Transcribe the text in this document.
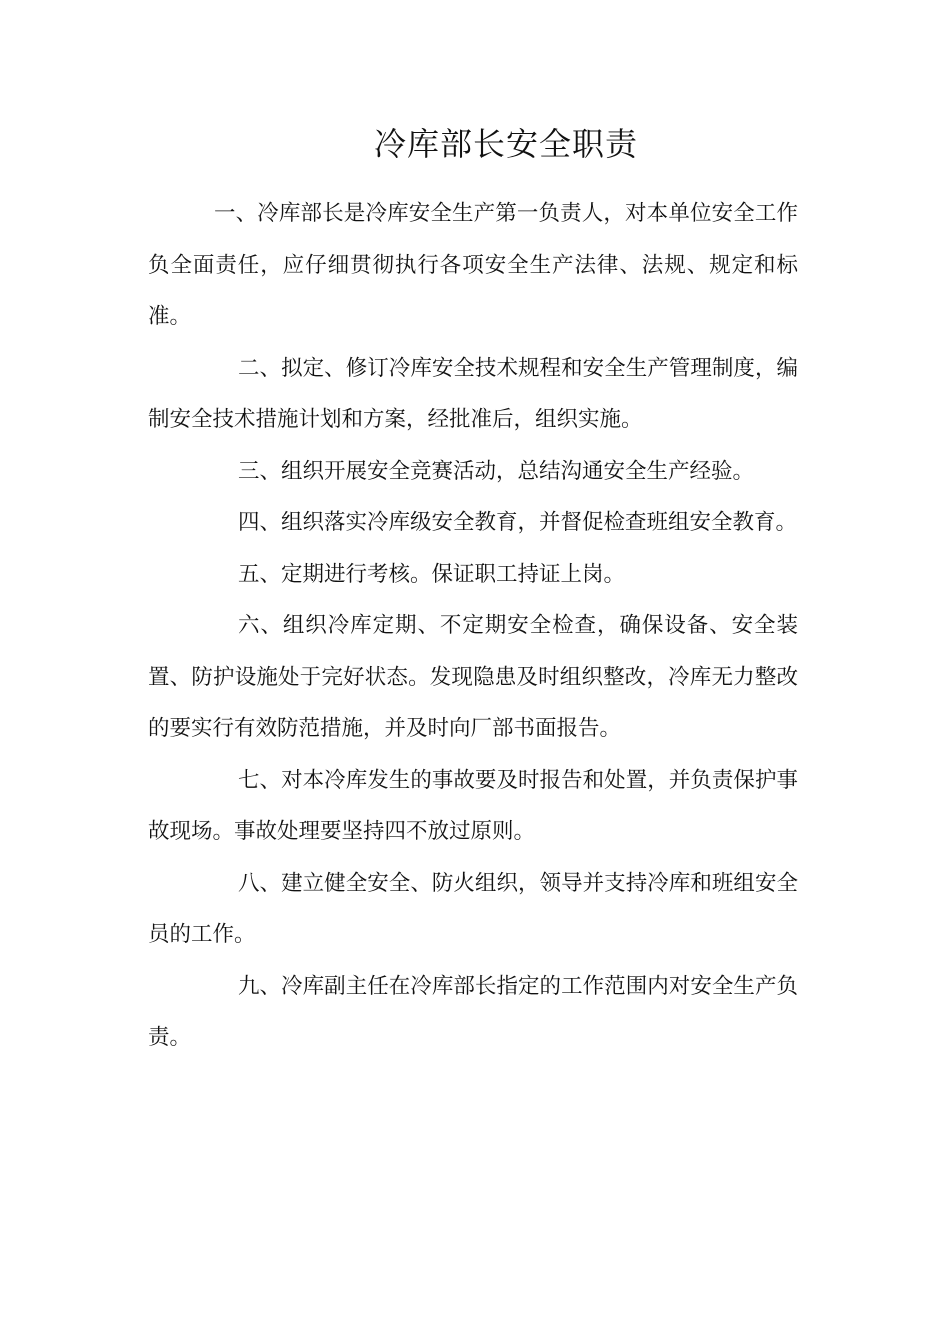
冷库部长安全职责

一、冷库部长是冷库安全生产第一负责人，对本单位安全工作负全面责任，应仔细贯彻执行各项安全生产法律、法规、规定和标准。

二、拟定、修订冷库安全技术规程和安全生产管理制度，编制安全技术措施计划和方案，经批准后，组织实施。

三、组织开展安全竞赛活动，总结沟通安全生产经验。

四、组织落实冷库级安全教育，并督促检查班组安全教育。

五、定期进行考核。保证职工持证上岗。

六、组织冷库定期、不定期安全检查，确保设备、安全装置、防护设施处于完好状态。发现隐患及时组织整改，冷库无力整改的要实行有效防范措施，并及时向厂部书面报告。

七、对本冷库发生的事故要及时报告和处置，并负责保护事故现场。事故处理要坚持四不放过原则。

八、建立健全安全、防火组织，领导并支持冷库和班组安全员的工作。

九、冷库副主任在冷库部长指定的工作范围内对安全生产负责。
